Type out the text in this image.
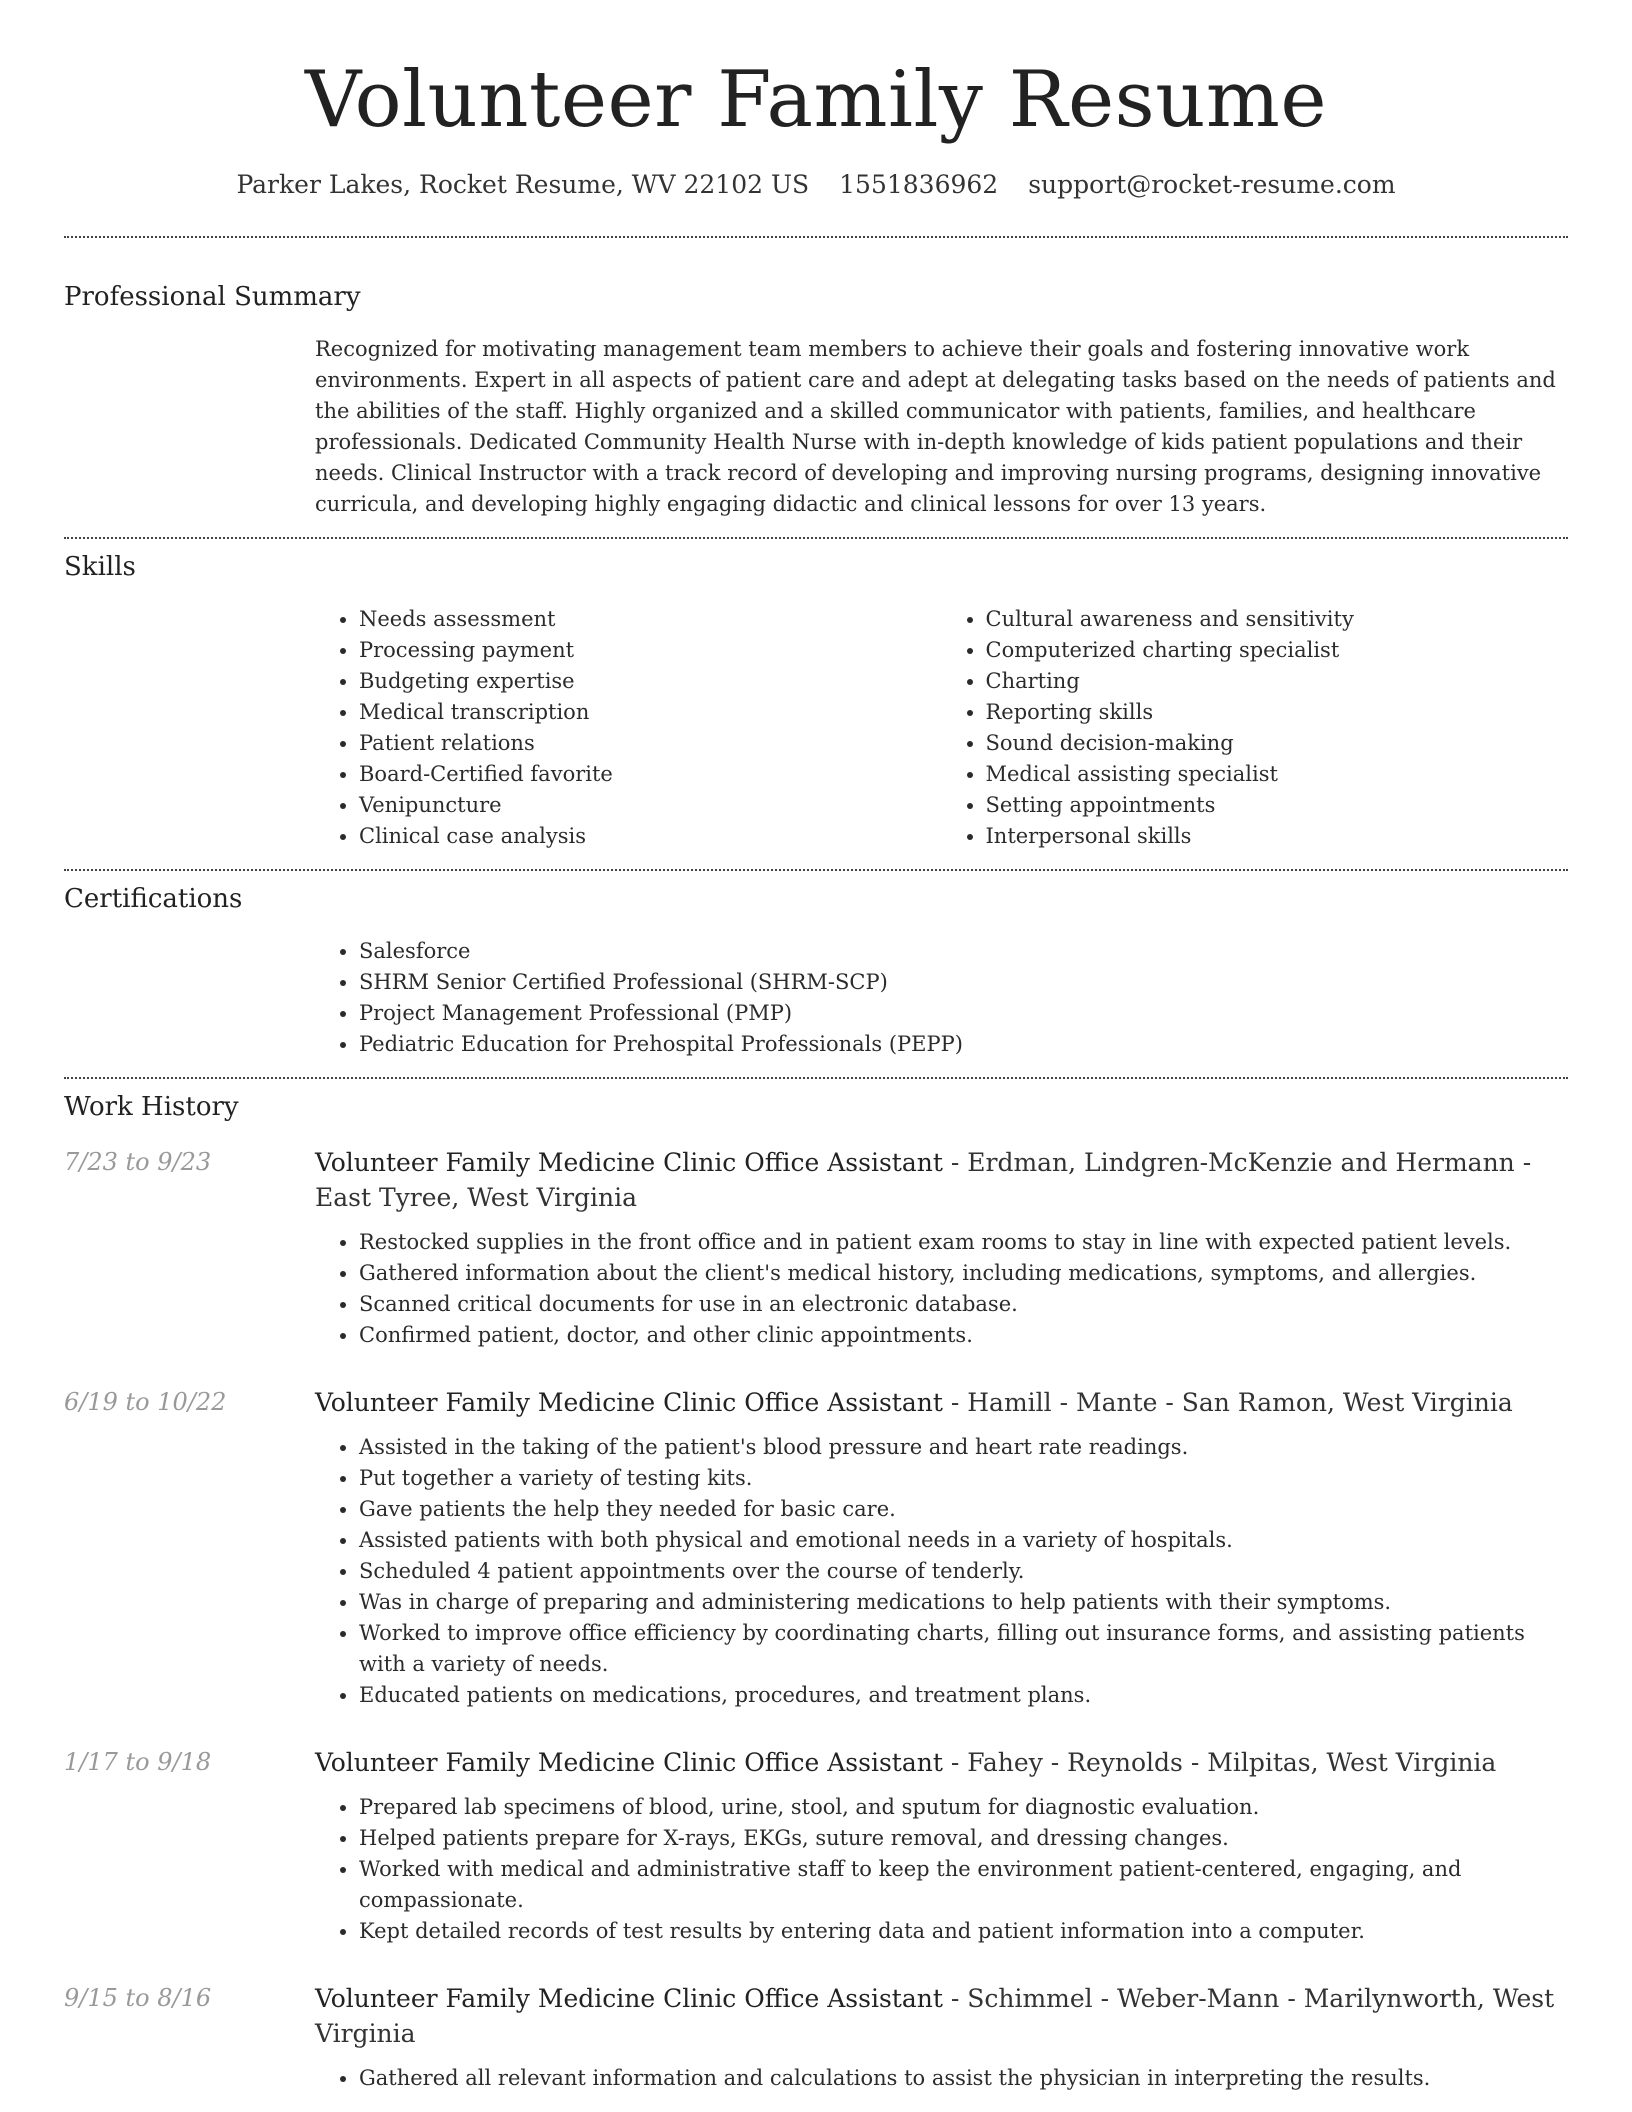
Volunteer Family Resume
Parker Lakes, Rocket Resume, WV 22102 US 1551836962 support@rocket-resume.com
Professional Summary

Recognized for motivating management team members to achieve their goals and fostering innovative work environments. Expert in all aspects of patient care and adept at delegating tasks based on the needs of patients and the abilities of the staff. Highly organized and a skilled communicator with patients, families, and healthcare professionals. Dedicated Community Health Nurse with in-depth knowledge of kids patient populations and their needs. Clinical Instructor with a track record of developing and improving nursing programs, designing innovative curricula, and developing highly engaging didactic and clinical lessons for over 13 years.

Skills
• Needs assessment
• Processing payment
• Budgeting expertise
• Medical transcription
• Patient relations
• Board-Certified favorite
• Venipuncture
• Clinical case analysis
• Cultural awareness and sensitivity
• Computerized charting specialist
• Charting
• Reporting skills
• Sound decision-making
• Medical assisting specialist
• Setting appointments
• Interpersonal skills
Certifications
• Salesforce
• SHRM Senior Certified Professional (SHRM-SCP)
• Project Management Professional (PMP)
• Pediatric Education for Prehospital Professionals (PEPP)
Work History
7/23 to 9/23	Volunteer Family Medicine Clinic Office Assistant - Erdman, Lindgren-McKenzie and Hermann - East Tyree, West Virginia
• Restocked supplies in the front office and in patient exam rooms to stay in line with expected patient levels.
• Gathered information about the client's medical history, including medications, symptoms, and allergies.
• Scanned critical documents for use in an electronic database.
• Confirmed patient, doctor, and other clinic appointments.
6/19 to 10/22	Volunteer Family Medicine Clinic Office Assistant - Hamill - Mante - San Ramon, West Virginia
• Assisted in the taking of the patient's blood pressure and heart rate readings.
• Put together a variety of testing kits.
• Gave patients the help they needed for basic care.
• Assisted patients with both physical and emotional needs in a variety of hospitals.
• Scheduled 4 patient appointments over the course of tenderly.
• Was in charge of preparing and administering medications to help patients with their symptoms.
• Worked to improve office efficiency by coordinating charts, filling out insurance forms, and assisting patients with a variety of needs.
• Educated patients on medications, procedures, and treatment plans.
1/17 to 9/18	Volunteer Family Medicine Clinic Office Assistant - Fahey - Reynolds - Milpitas, West Virginia
• Prepared lab specimens of blood, urine, stool, and sputum for diagnostic evaluation.
• Helped patients prepare for X-rays, EKGs, suture removal, and dressing changes.
• Worked with medical and administrative staff to keep the environment patient-centered, engaging, and compassionate.
• Kept detailed records of test results by entering data and patient information into a computer.
9/15 to 8/16	Volunteer Family Medicine Clinic Office Assistant - Schimmel - Weber-Mann - Marilynworth, West Virginia
• Gathered all relevant information and calculations to assist the physician in interpreting the results.
